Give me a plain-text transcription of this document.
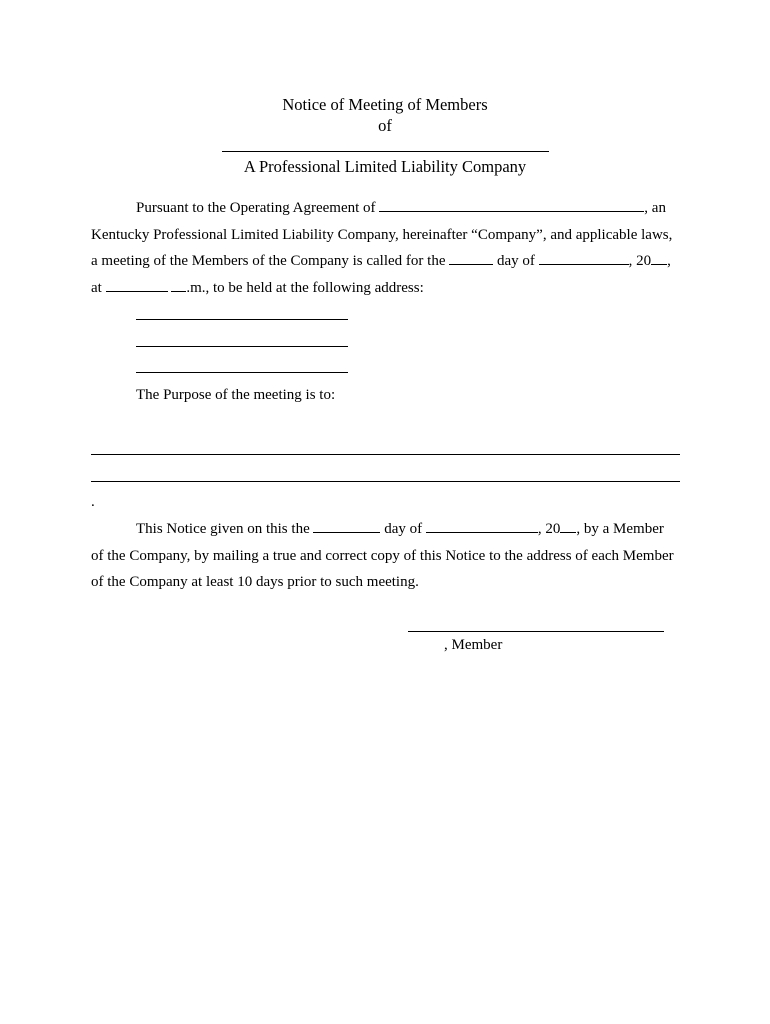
Notice of Meeting of Members
of
A Professional Limited Liability Company
Pursuant to the Operating Agreement of	, an
Kentucky Professional Limited Liability Company, hereinafter “Company”, and applicable laws,
a meeting of the Members of the Company is called for the	day of	, 20 ,
at	.m., to be held at the following address:
The Purpose of the meeting is to:
.
This Notice given on this the	day of	, 20 , by a Member
of the Company, by mailing a true and correct copy of this Notice to the address of each Member
of the Company at least 10 days prior to such meeting.
, Member
